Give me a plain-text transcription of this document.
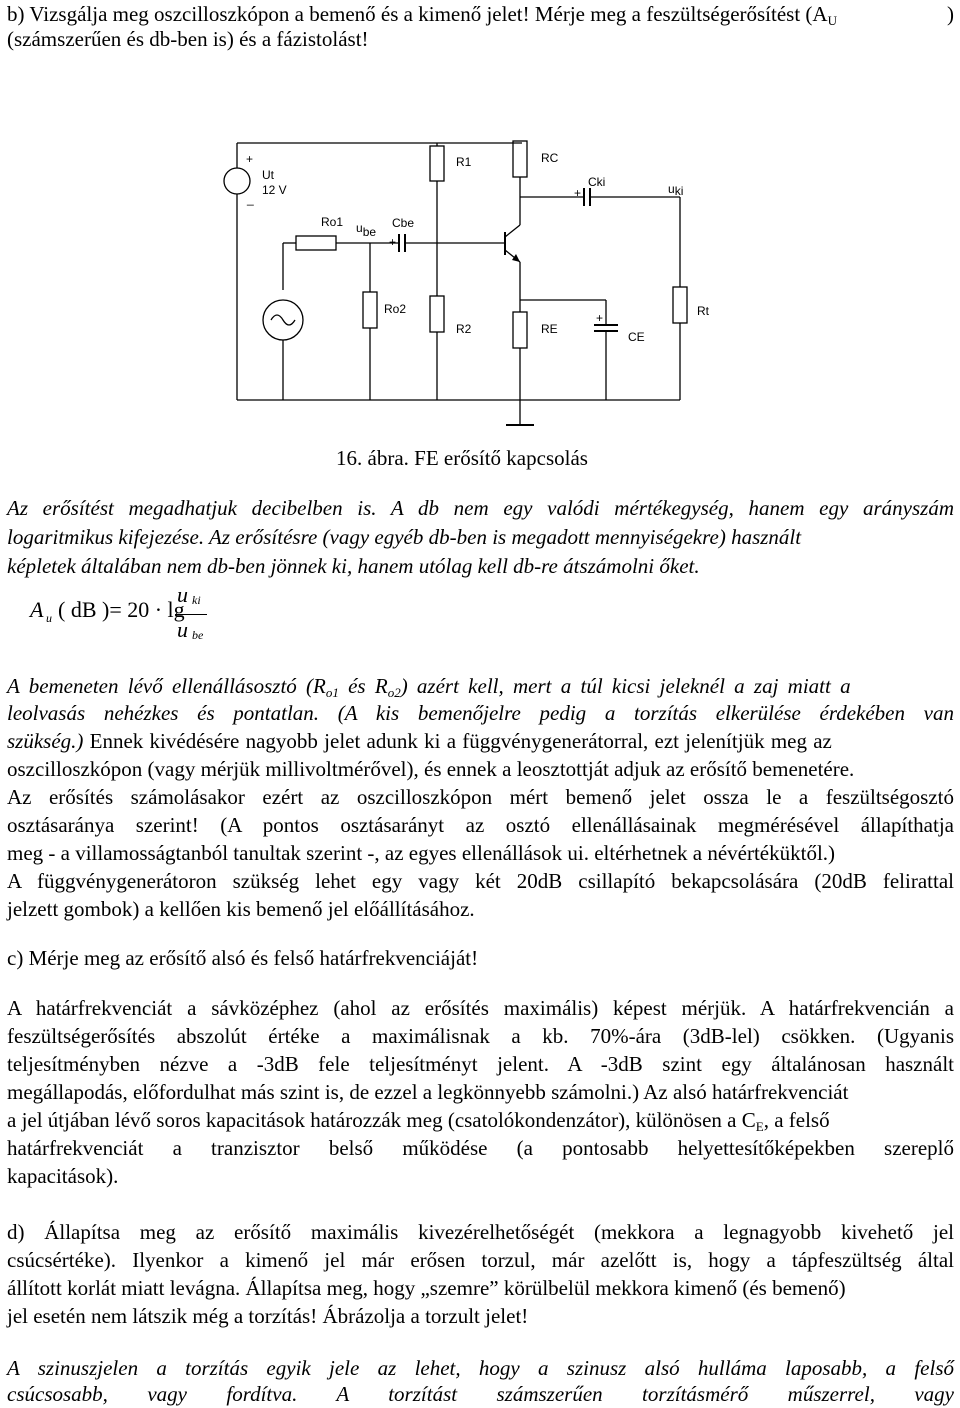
b) Vizsgálja meg oszcilloszkópon a bemenő és a kimenő jelet! Mérje meg a feszültségerősítést ($A_U$	)
(számszerűen és db-ben is) és a fázistolást!
+
_
Ut
12 V
R1	RC
Cki
+	uki
Ro1 ube
Cbe
+
Ro2
R2	RE
CE
+	Rt
16. ábra. FE erősítő kapcsolás
Az erősítést megadhatjuk decibelben is. A db nem egy valódi mértékegység, hanem egy arányszám
logaritmikus kifejezése. Az erősítésre (vagy egyéb db-ben is megadott mennyiségekre) használt
képletek általában nem db-ben jönnek ki, hanem utólag kell db-re átszámolni őket.
A u ( dB )= 20 · lg
u ki
u be
A bemeneten lévő ellenállásosztó ($R_{o1}$ és $R_{o2}$) azért kell, mert a túl kicsi jeleknél a zaj miatt a
leolvasás nehézkes és pontatlan. (A kis bemenőjelre pedig a torzítás elkerülése érdekében van
szükség.) Ennek kivédésére nagyobb jelet adunk ki a függvénygenerátorral, ezt jelenítjük meg az
oszcilloszkópon (vagy mérjük millivoltmérővel), és ennek a leosztottját adjuk az erősítő bemenetére.
Az erősítés számolásakor ezért az oszcilloszkópon mért bemenő jelet ossza le a feszültségosztó
osztásaránya szerint! (A pontos osztásarányt az osztó ellenállásainak megmérésével állapíthatja
meg - a villamosságtanból tanultak szerint -, az egyes ellenállások ui. eltérhetnek a névértéküktől.)
A függvénygenerátoron szükség lehet egy vagy két 20dB csillapító bekapcsolására (20dB felirattal
jelzett gombok) a kellően kis bemenő jel előállításához.
c) Mérje meg az erősítő alsó és felső határfrekvenciáját!
A határfrekvenciát a sávközéphez (ahol az erősítés maximális) képest mérjük. A határfrekvencián a
feszültségerősítés abszolút értéke a maximálisnak a kb. 70%-ára (3dB-lel) csökken. (Ugyanis
teljesítményben nézve a -3dB fele teljesítményt jelent. A -3dB szint egy általánosan használt
megállapodás, előfordulhat más szint is, de ezzel a legkönnyebb számolni.) Az alsó határfrekvenciát
a jel útjában lévő soros kapacitások határozzák meg (csatolókondenzátor), különösen a $C_E$, a felső
határfrekvenciát a tranzisztor belső működése (a pontosabb helyettesítőképekben szereplő
kapacitások).
d) Állapítsa meg az erősítő maximális kivezérelhetőségét (mekkora a legnagyobb kivehető jel
csúcsértéke). Ilyenkor a kimenő jel már erősen torzul, már azelőtt is, hogy a tápfeszültség által
állított korlát miatt levágna. Állapítsa meg, hogy „szemre” körülbelül mekkora kimenő (és bemenő)
jel esetén nem látszik még a torzítás! Ábrázolja a torzult jelet!
A szinuszjelen a torzítás egyik jele az lehet, hogy a szinusz alsó hulláma laposabb, a felső
csúcsosabb, vagy fordítva. A torzítást számszerűen torzításmérő műszerrel, vagy
